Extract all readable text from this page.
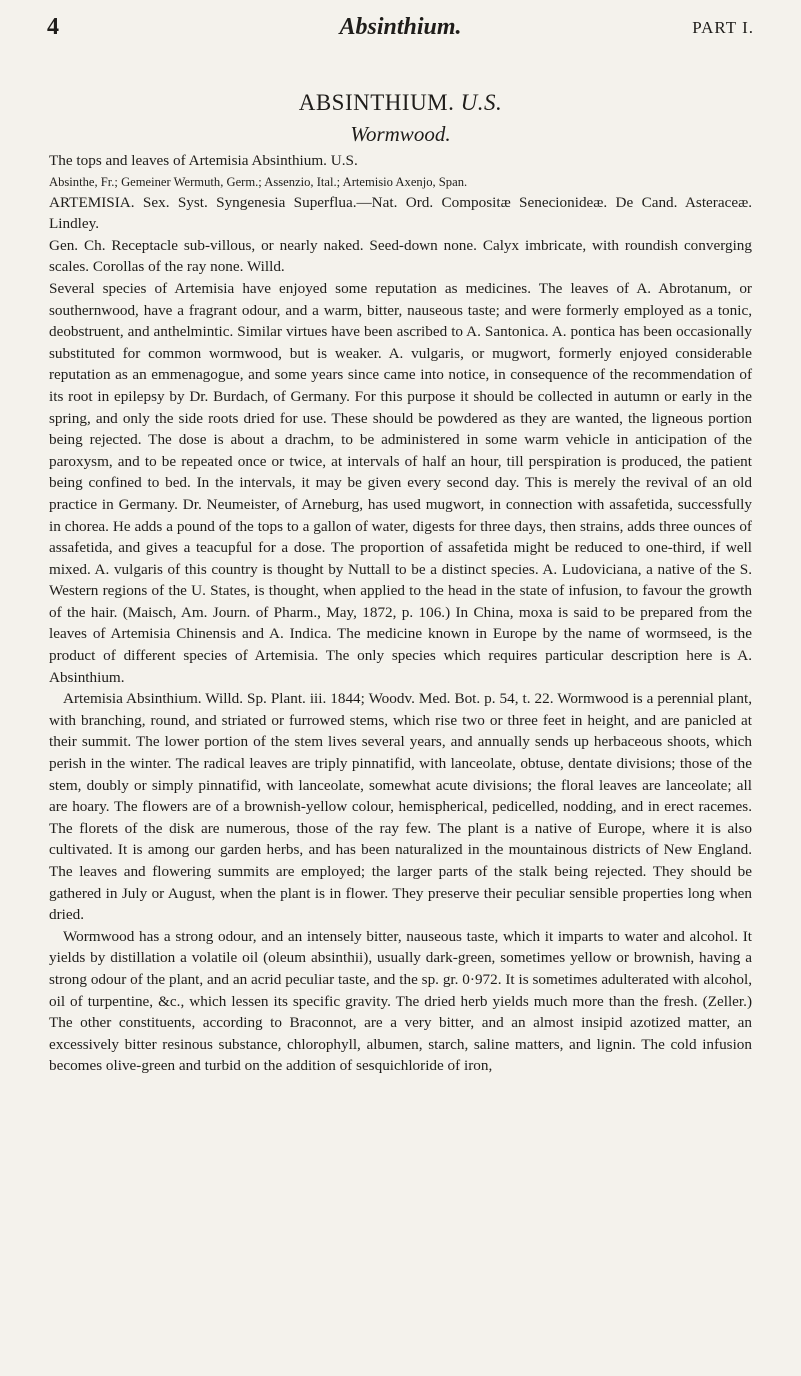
4	Absinthium.	PART I.
ABSINTHIUM. U.S.
Wormwood.

The tops and leaves of Artemisia Absinthium. U.S.

Absinthe, Fr.; Gemeiner Wermuth, Germ.; Assenzio, Ital.; Artemisio Axenjo, Span.

ARTEMISIA. Sex. Syst. Syngenesia Superflua.—Nat. Ord. Compositæ Senecionideæ. De Cand. Asteraceæ. Lindley.

Gen. Ch. Receptacle sub-villous, or nearly naked. Seed-down none. Calyx imbricate, with roundish converging scales. Corollas of the ray none. Willd.

Several species of Artemisia have enjoyed some reputation as medicines. The leaves of A. Abrotanum, or southernwood, have a fragrant odour, and a warm, bitter, nauseous taste; and were formerly employed as a tonic, deobstruent, and anthelmintic. Similar virtues have been ascribed to A. Santonica. A. pontica has been occasionally substituted for common wormwood, but is weaker. A. vulgaris, or mugwort, formerly enjoyed considerable reputation as an emmenagogue, and some years since came into notice, in consequence of the recommendation of its root in epilepsy by Dr. Burdach, of Germany. For this purpose it should be collected in autumn or early in the spring, and only the side roots dried for use. These should be powdered as they are wanted, the ligneous portion being rejected. The dose is about a drachm, to be administered in some warm vehicle in anticipation of the paroxysm, and to be repeated once or twice, at intervals of half an hour, till perspiration is produced, the patient being confined to bed. In the intervals, it may be given every second day. This is merely the revival of an old practice in Germany. Dr. Neumeister, of Arneburg, has used mugwort, in connection with assafetida, successfully in chorea. He adds a pound of the tops to a gallon of water, digests for three days, then strains, adds three ounces of assafetida, and gives a teacupful for a dose. The proportion of assafetida might be reduced to one-third, if well mixed. A. vulgaris of this country is thought by Nuttall to be a distinct species. A. Ludoviciana, a native of the S. Western regions of the U. States, is thought, when applied to the head in the state of infusion, to favour the growth of the hair. (Maisch, Am. Journ. of Pharm., May, 1872, p. 106.) In China, moxa is said to be prepared from the leaves of Artemisia Chinensis and A. Indica. The medicine known in Europe by the name of wormseed, is the product of different species of Artemisia. The only species which requires particular description here is A. Absinthium.

Artemisia Absinthium. Willd. Sp. Plant. iii. 1844; Woodv. Med. Bot. p. 54, t. 22. Wormwood is a perennial plant, with branching, round, and striated or furrowed stems, which rise two or three feet in height, and are panicled at their summit. The lower portion of the stem lives several years, and annually sends up herbaceous shoots, which perish in the winter. The radical leaves are triply pinnatifid, with lanceolate, obtuse, dentate divisions; those of the stem, doubly or simply pinnatifid, with lanceolate, somewhat acute divisions; the floral leaves are lanceolate; all are hoary. The flowers are of a brownish-yellow colour, hemispherical, pedicelled, nodding, and in erect racemes. The florets of the disk are numerous, those of the ray few. The plant is a native of Europe, where it is also cultivated. It is among our garden herbs, and has been naturalized in the mountainous districts of New England. The leaves and flowering summits are employed; the larger parts of the stalk being rejected. They should be gathered in July or August, when the plant is in flower. They preserve their peculiar sensible properties long when dried.

Wormwood has a strong odour, and an intensely bitter, nauseous taste, which it imparts to water and alcohol. It yields by distillation a volatile oil (oleum absinthii), usually dark-green, sometimes yellow or brownish, having a strong odour of the plant, and an acrid peculiar taste, and the sp. gr. 0·972. It is sometimes adulterated with alcohol, oil of turpentine, &c., which lessen its specific gravity. The dried herb yields much more than the fresh. (Zeller.) The other constituents, according to Braconnot, are a very bitter, and an almost insipid azotized matter, an excessively bitter resinous substance, chlorophyll, albumen, starch, saline matters, and lignin. The cold infusion becomes olive-green and turbid on the addition of sesquichloride of iron,
